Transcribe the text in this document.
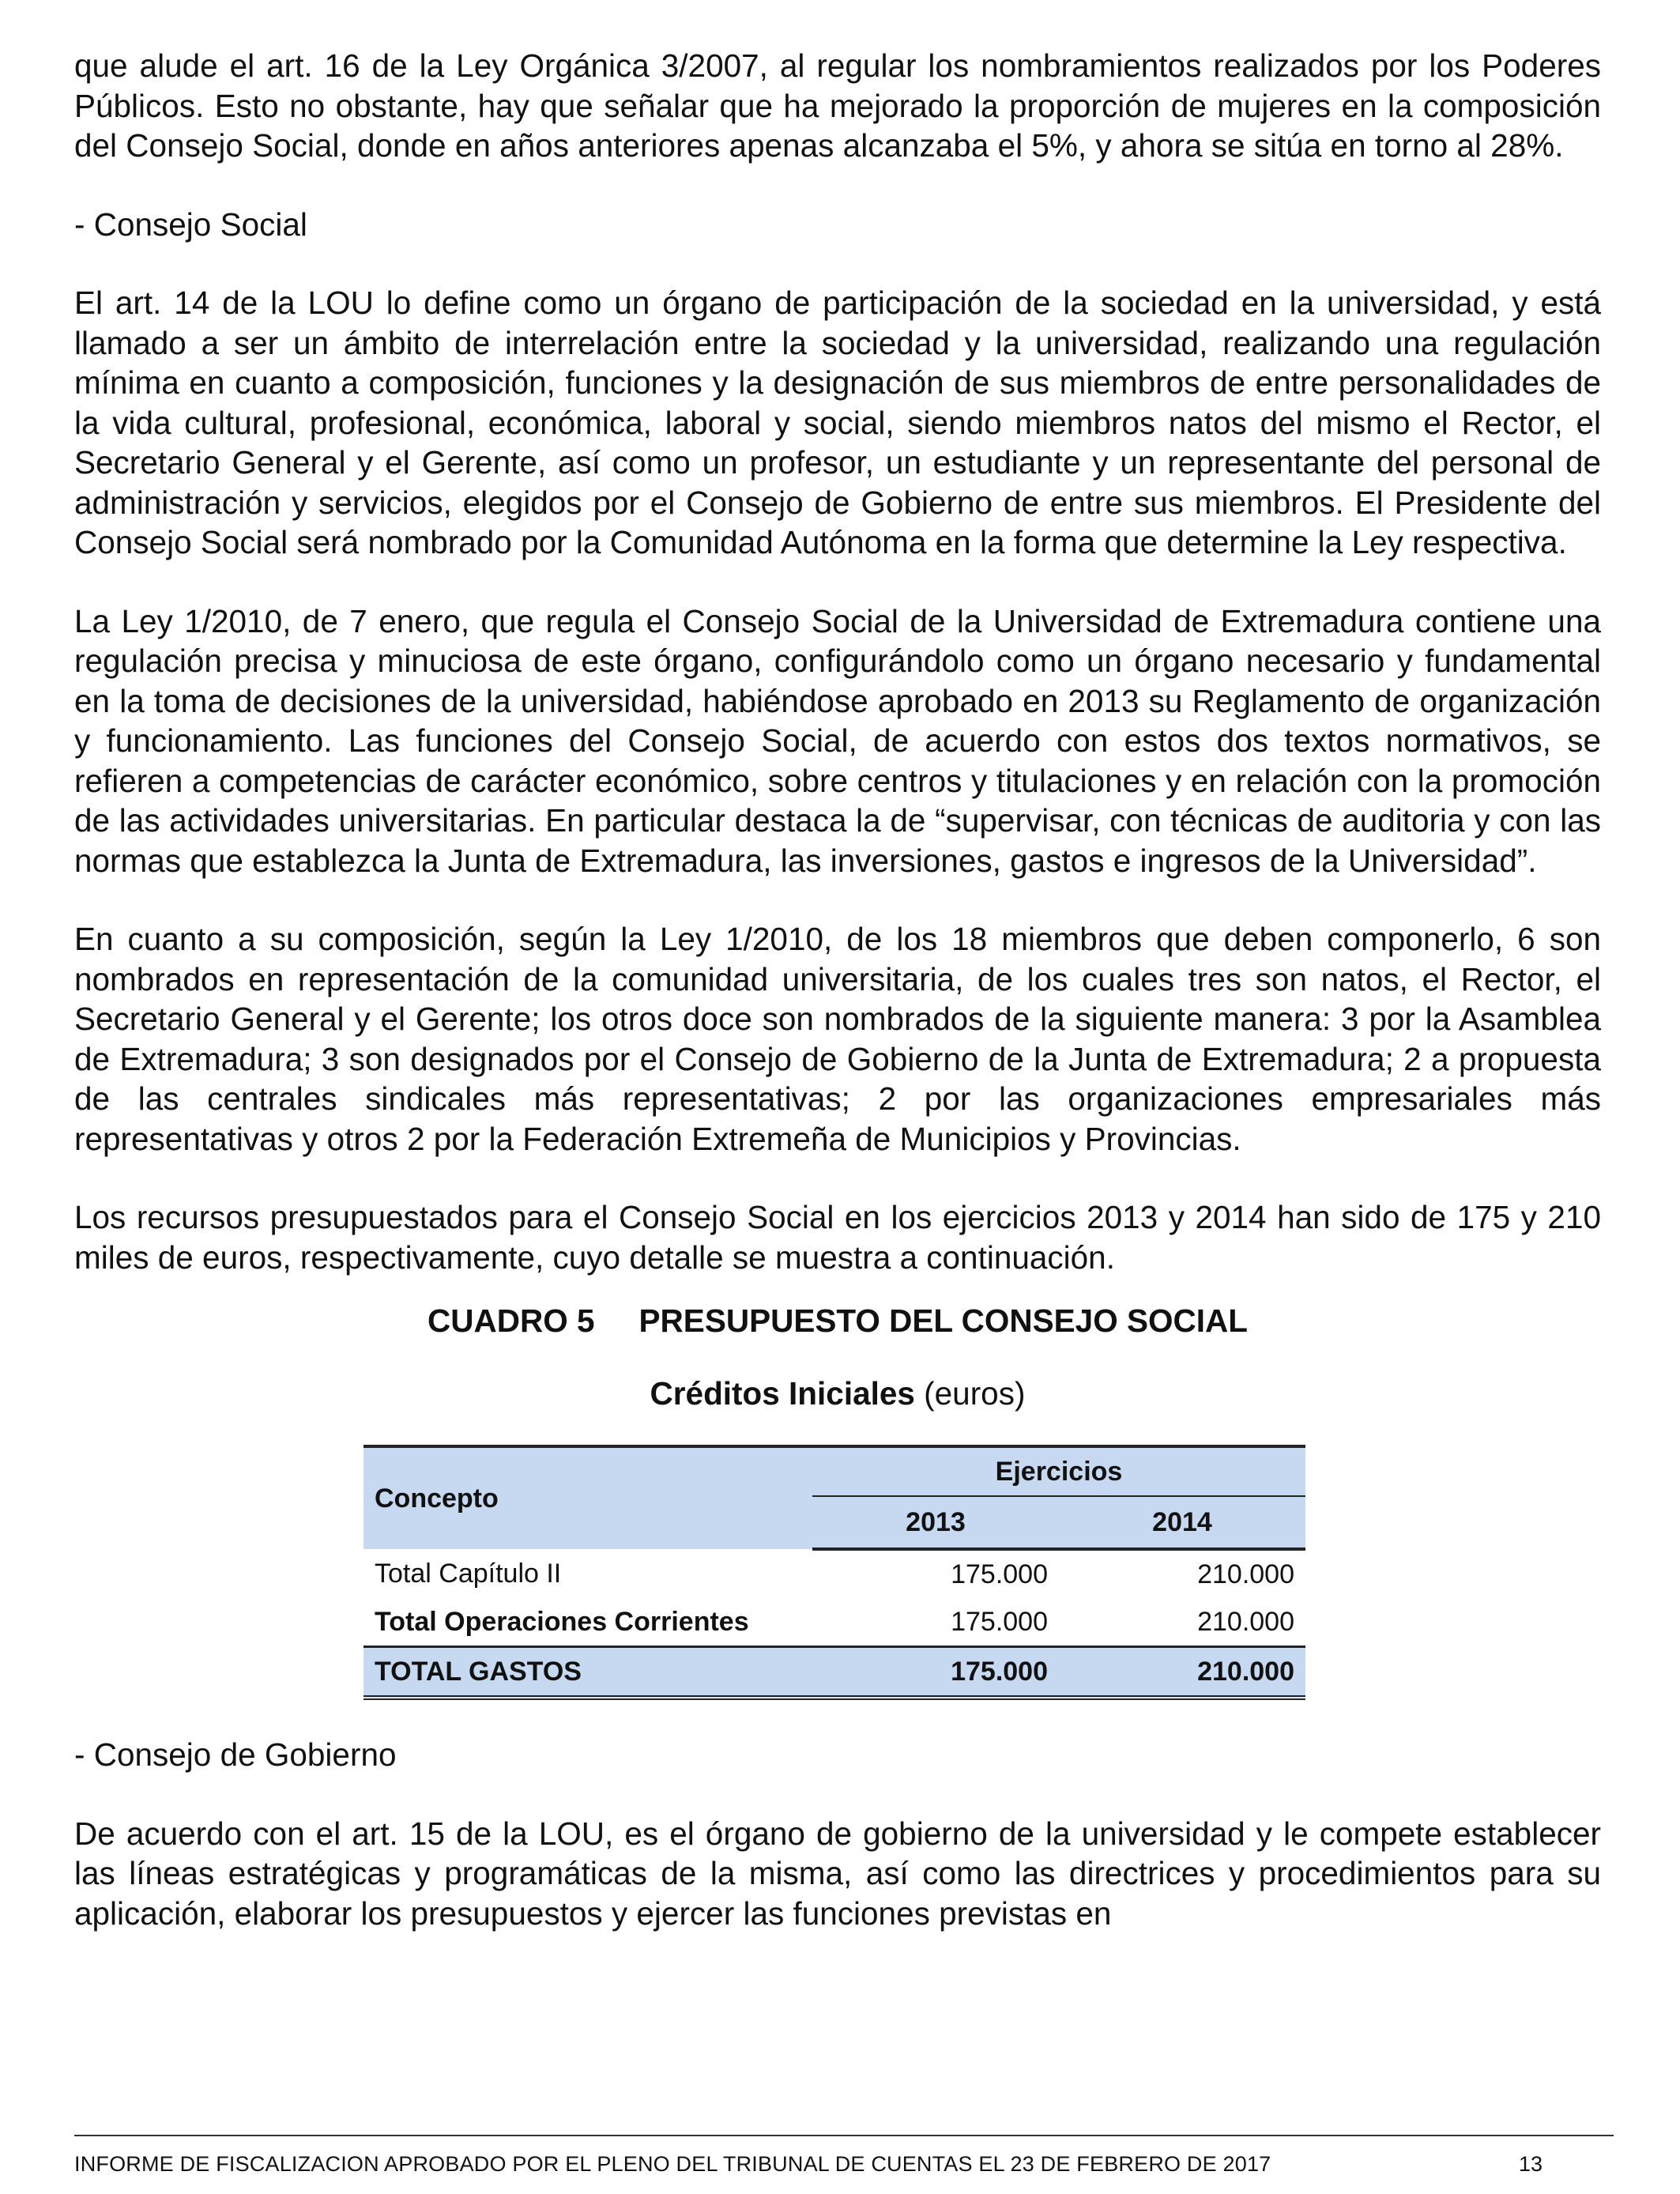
que alude el art. 16 de la Ley Orgánica 3/2007, al regular los nombramientos realizados por los Poderes Públicos. Esto no obstante, hay que señalar que ha mejorado la proporción de mujeres en la composición del Consejo Social, donde en años anteriores apenas alcanzaba el 5%, y ahora se sitúa en torno al 28%.

- Consejo Social

El art. 14 de la LOU lo define como un órgano de participación de la sociedad en la universidad, y está llamado a ser un ámbito de interrelación entre la sociedad y la universidad, realizando una regulación mínima en cuanto a composición, funciones y la designación de sus miembros de entre personalidades de la vida cultural, profesional, económica, laboral y social, siendo miembros natos del mismo el Rector, el Secretario General y el Gerente, así como un profesor, un estudiante y un representante del personal de administración y servicios, elegidos por el Consejo de Gobierno de entre sus miembros. El Presidente del Consejo Social será nombrado por la Comunidad Autónoma en la forma que determine la Ley respectiva.

La Ley 1/2010, de 7 enero, que regula el Consejo Social de la Universidad de Extremadura contiene una regulación precisa y minuciosa de este órgano, configurándolo como un órgano necesario y fundamental en la toma de decisiones de la universidad, habiéndose aprobado en 2013 su Reglamento de organización y funcionamiento. Las funciones del Consejo Social, de acuerdo con estos dos textos normativos, se refieren a competencias de carácter económico, sobre centros y titulaciones y en relación con la promoción de las actividades universitarias. En particular destaca la de “supervisar, con técnicas de auditoria y con las normas que establezca la Junta de Extremadura, las inversiones, gastos e ingresos de la Universidad”.

En cuanto a su composición, según la Ley 1/2010, de los 18 miembros que deben componerlo, 6 son nombrados en representación de la comunidad universitaria, de los cuales tres son natos, el Rector, el Secretario General y el Gerente; los otros doce son nombrados de la siguiente manera: 3 por la Asamblea de Extremadura; 3 son designados por el Consejo de Gobierno de la Junta de Extremadura; 2 a propuesta de las centrales sindicales más representativas; 2 por las organizaciones empresariales más representativas y otros 2 por la Federación Extremeña de Municipios y Provincias.

Los recursos presupuestados para el Consejo Social en los ejercicios 2013 y 2014 han sido de 175 y 210 miles de euros, respectivamente, cuyo detalle se muestra a continuación.

CUADRO 5 PRESUPUESTO DEL CONSEJO SOCIAL

Créditos Iniciales (euros)

Concepto	Ejercicios	
	2013	2014
Total Capítulo II	175.000	210.000
Total Operaciones Corrientes	175.000	210.000
TOTAL GASTOS	175.000	210.000

- Consejo de Gobierno

De acuerdo con el art. 15 de la LOU, es el órgano de gobierno de la universidad y le compete establecer las líneas estratégicas y programáticas de la misma, así como las directrices y procedimientos para su aplicación, elaborar los presupuestos y ejercer las funciones previstas en

INFORME DE FISCALIZACION APROBADO POR EL PLENO DEL TRIBUNAL DE CUENTAS EL 23 DE FEBRERO DE 2017	13
